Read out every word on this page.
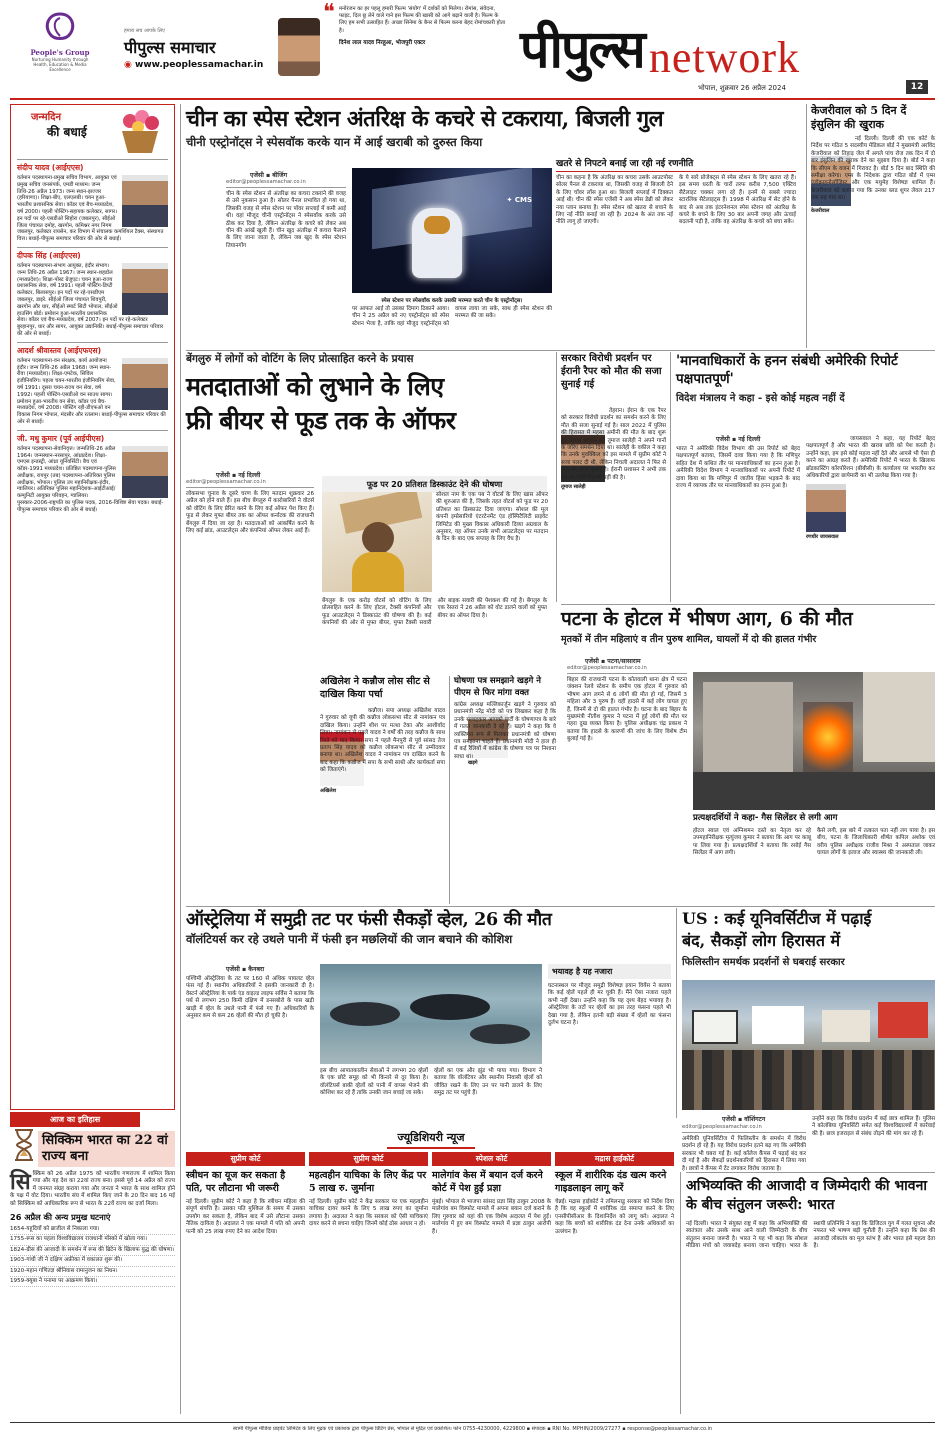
People's Group
Nurturing Humanity through Health, Education & Media Excellence
हमारा सच आपके लिए
पीपुल्स समाचार
◉ www.peoplessamachar.in
❝ मनोरंजन का हर पहलू हमारी फिल्म 'संयोग' में दर्शकों को मिलेगा। रोमांस, संवेदना, फाइट, दिल छू लेने वाले गाने इस फिल्म की खासी को आगे बढ़ाने वाली है। फिल्म के लिए हम सभी उत्साहित हैं। अच्छा सिनेमा के बैनर से फिल्म करना बेहद रोमांचकारी होता है।
दिनेश लाल यादव निरहुआ, भोजपुरी एक्टर	पीपुल्स network
भोपाल, शुक्रवार 26 अप्रैल 2024	12
जन्मदिन
की बधाई
संदीप यादव (आईएएस)
वर्तमान पदस्थापना-प्रमुख सचिव विभाग, आयुक्त एवं प्रमुख सचिव जनसंपर्क, एमडी माध्यम। जन्म तिथि-26 अप्रैल 1973। जन्म स्थान-झज्जर (हरियाणा)। शिक्षा-बीए, एलएलबी। चयन हुआ-भारतीय प्रशासनिक सेवा। कॉडर एवं बैच-मध्यप्रदेश, वर्ष 2000। पहली पोस्टिंग-सहायक कलेक्टर, सागर। इन पदों पर रहे-एसडीओ सिहोरा (जबलपुर), सीईओ जिला पंचायत दमोह, खरगोन, कमिश्नर नगर निगम जबलपुर, कलेक्टर रायसेन, कर विभाग में संचालक कमर्शियल टैक्स, संस्थागत वित्त। बधाई-पीपुल्स समाचार परिवार की ओर से बधाई।
दीपक सिंह (आईएएस)
वर्तमान पदस्थापना-संभाग आयुक्त, इंदौर संभाग। जन्म तिथि-26 अप्रैल 1967। जन्म स्थान-शहडोल (मध्यप्रदेश)। शिक्षा-पोस्ट ग्रेजुएट। चयन हुआ-राज्य प्रशासनिक सेवा, वर्ष 1991। पहली पोस्टिंग-डिप्टी कलेक्टर, बिलासपुर। इन पदों पर रहे-एसडीएम जबलपुर, डाइरे. सीईओ जिला पंचायत शिवपुरी, खरगोन और धार, सीईओ स्मार्ट सिटी भोपाल, सीईओ हाउसिंग बोर्ड। प्रमोशन हुआ-भारतीय प्रशासनिक सेवा। कॉडर एवं बैच-मध्यप्रदेश, वर्ष 2007। इन पदों पर रहे-कलेक्टर बुरहानपुर, धार और सागर, आयुक्त उद्यानिकी। बधाई-पीपुल्स समाचार परिवार की ओर से बधाई।
आदर्श श्रीवास्तव (आईएफएस)
वर्तमान पदस्थापना-वन संरक्षक, कार्य आयोजना इंदौर। जन्म तिथि-26 अप्रैल 1968। जन्म स्थान-रीवा (मध्यप्रदेश)। शिक्षा-एमटेक, सिविल इंजीनियरिंग। पहला चयन-भारतीय इंजीनियरिंग सेवा, वर्ष 1991। दूसरा चयन-राज्य वन सेवा, वर्ष 1992। पहली पोस्टिंग-एसडीओ वन साउथ सागर। प्रमोशन हुआ-भारतीय वन सेवा, कॉडर एवं बैच-मध्यप्रदेश, वर्ष 2008। पोस्टिंग रही-डीएफओ वन विकास निगम भोपाल, मंदसौर और रतलाम। बधाई-पीपुल्स समाचार परिवार की ओर से बधाई।
जी. मधु कुमार (पूर्व आईपीएस)
वर्तमान पदस्थापना-सेवानिवृत्त। जन्मतिथि-26 अप्रैल 1964। जन्मस्थान-नरसापुर, आंध्रप्रदेश। शिक्षा-एमएस इन्डस्ट्री, आंध्रा यूनिवर्सिटी। बैच एवं कॉडर-1991 मध्यप्रदेश। प्रतिष्ठित पदस्थापना-पुलिस अधीक्षक, रायपुर (तब) पदस्थापना-अतिरिक्त पुलिस अधीक्षक, भोपाल। पुलिस उप महानिरीक्षक-इंदौर, ग्वालियर। अतिरिक्त पुलिस महानिदेशक-आईटीआई/कम्युनिटी आयुक्त परिवहन, ग्वालियर। पुरस्कार-2006-राष्ट्रपति का पुलिस पदक, 2016-विशिष्ट सेवा पदक। बधाई-पीपुल्स समाचार परिवार की ओर से बधाई।
आज का इतिहास
सिक्किम भारत का 22 वां राज्य बना
सि क्किम को 26 अप्रैल 1975 को भारतीय गणराज्य में शामिल किया गया और यह देश का 22वां राज्य बना। इससे पूर्व 14 अप्रैल को राज्य में जनमत संग्रह कराया गया और जनता ने भारत के साथ शामिल होने के पक्ष में वोट दिया। भारतीय संघ में शामिल किए जाने के 20 दिन बाद 16 मई को सिक्किम को आधिकारिक रूप से भारत के 22वें राज्य का दर्जा मिला।

26 अप्रैल की अन्य प्रमुख घटनाएं
1654-यहूदियों को ब्राजील से निकाला गया।
1755-रूस का पहला विश्वविद्यालय राजधानी मॉस्को में खोला गया।
1824-ग्रीस की आजादी के समर्थन में रूस की ब्रिटेन के खिलाफ युद्ध की घोषणा।
1903-गांधी जी ने दक्षिण अफ्रीका में वकालत शुरू की।
1920-महान गणितज्ञ श्रीनिवास रामानुजन का निधन।
1959-क्यूबा ने पनामा पर आक्रमण किया।
चीन का स्पेस स्टेशन अंतरिक्ष के कचरे से टकराया, बिजली गुल
चीनी एस्ट्रोनॉट्स ने स्पेसवॉक करके यान में आई खराबी को दुरुस्त किया
एजेंसी ▪ बीजिंग
editor@peoplessamachar.co.in

चीन के स्पेस स्टेशन से अंतरिक्ष का कचरा टकराने की वजह से उसे नुकसान हुआ है। सोलर पैनल प्रभावित हो गया था, जिसकी वजह से स्पेस स्टेशन पर पॉवर सप्लाई में कमी आई थी। वहां मौजूद चीनी एस्ट्रोनॉट्स ने स्पेसवॉक करके उसे ठीक कर दिया है, लेकिन अंतरिक्ष के कचरे को लेकर अब चीन की आंखें खुली हैं। चीन खुद अंतरिक्ष में कचरा फैलाने के लिए जाना जाता है, लेकिन जब खुद के स्पेस स्टेशन तियानगोंग

✦ CMS
स्पेस स्टेशन पर स्पेसवॉक करके उसकी मरम्मत करते चीन के एस्ट्रोनॉट्स।

पर आफत आई तो उसका दिमाग ठिकाने आया। चीन ने 25 अप्रैल को नए एस्ट्रोनॉट्स को स्पेस स्टेशन भेजा है, ताकि वहां मौजूद एस्ट्रोनॉट्स को वापस लाया जा सके, साथ ही स्पेस स्टेशन की मरम्मत की जा सके।

खतरे से निपटने बनाई जा रही नई रणनीति

चीन का कहना है कि अंतरिक्ष का कचरा उसके आउटपोस्ट सोलर पैनल से टकराया था, जिसकी वजह से बिजली देने के लिए चॉवर लॉस हुआ था। बिजली सप्लाई में दिक्कत आई थी। चीन की स्पेस एजेंसी ने अब स्पेस डेब्री को लेकर नया प्लान बनाया है। स्पेस स्टेशन को खतरा से बचाने के लिए नई नीति बनाई जा रही है। 2024 के अंत तक नई नीति लागू हो जाएगी।

के ये सारे प्रोजेक्ट्स से स्पेस स्टेशन के लिए खतरा रहे हैं। इस समय धरती के चारों तरफ करीब 7,500 एक्टिव सैटेलाइट चक्कर लगा रहे हैं। इनमें से सबसे ज्यादा स्टारलिंक सैटेलाइट्स हैं। 1998 में अंतरिक्ष में सेट होने के बाद से अब तक इंटरनेशनल स्पेस स्टेशन को अंतरिक्ष के कचरे के बचने के लिए 30 बार अपनी जगह और ऊंचाई बदलनी पड़ी है, ताकि वह अंतरिक्ष के कचरे को बचा सके।

केजरीवाल को 5 दिन दें इंसुलिन की खुराक
केजरीवाल

नई दिल्ली। दिल्ली की एक कोर्ट के निर्देश पर गठित 5 सदस्यीय मेडिकल बोर्ड ने मुख्यमंत्री अरविंद केजरीवाल को तिहाड़ जेल में अगले पांच रोज तक दिन में दो बार इंसुलिन की खुराक देने का सुझाव दिया है। बोर्ड ने कहा कि सीएम के वजन में गिरावट है। बोर्ड 5 दिन बाद स्थिति की समीक्षा करेगा। एम्स के निदेशक द्वारा गठित बोर्ड में एम्स एंडोक्राइनोलॉजिस्ट और एक मधुमेह विशेषज्ञ शामिल हैं। केजरीवाल को बताया गया कि उनका ब्लड शुगर लेवल 217 तक बढ़ गया था।

बेंगलुरु में लोगों को वोटिंग के लिए प्रोत्साहित करने के प्रयास
मतदाताओं को लुभाने के लिए
फ्री बीयर से फूड तक के ऑफर
एजेंसी ▪ नई दिल्ली
editor@peoplessamachar.co.in

लोकसभा चुनाव के दूसरे चरण के लिए मतदान शुक्रवार 26 अप्रैल को होने वाले हैं। इस बीच बेंगलुरु में कारोबारियों ने वोटर्स को वोटिंग के लिए प्रेरित करने के लिए कई ऑफर पेश किए हैं। फूड से लेकर मुफ्त बीयर तक का ऑफर कर्नाटक की राजधानी बेंगलुरु में दिया जा रहा है। मतदाताओं को आकर्षित करने के लिए कई ब्रांड, आउटलेट्स और कंपनियां ऑफर लेकर आई हैं।

फूड पर 20 प्रतिशत डिस्काउंट देने की घोषणा

सोशल नाम के एक पब ने वोटर्स के लिए खास ऑफर की शुरुआत की है, जिसके तहत वोटर्स को फूड पर 20 प्रतिशत का डिस्काउंट दिया जाएगा। सोशल की मूल कंपनी इम्प्रेसारियो एंटरटेनमेंट एंड हॉस्पिटैलिटी प्राइवेट लिमिटेड की मुख्य विकास अधिकारी दिव्या अग्रवाल के अनुसार, यह ऑफर उनके सभी आउटलेट्स पर मतदान के दिन के बाद एक सप्ताह के लिए वैध है।

बेंगलुरु के एक करोड़ वोटर्स को वोटिंग के लिए प्रोत्साहित करने के लिए होटल, टैक्सी कंपनियों और फूड आउटलेट्स ने डिस्काउंट की घोषणा की है। कई कंपनियों की ओर से मुफ्त बीयर, मुफ्त टैक्सी सवारी और बाइक सवारी की पेशकश की गई है। बेंगलुरु के एक रेस्तरां ने 26 अप्रैल को वोट डालने वालों को मुफ्त बीयर का ऑफर दिया है।

अखिलेश ने कन्नौज लोस सीट से दाखिल किया पर्चा
अखिलेश

कन्नौज। सपा अध्यक्ष अखिलेश यादव ने गुरुवार को यूपी की कन्नौज लोकसभा सीट से नामांकन पत्र दाखिल किया। उन्होंने शीश पर मत्था टेका और आशीर्वाद लिया। नामांकन से पहले यादव ने वर्षों की तरह कन्नौज के साथ रिश्ते को याद किया। सपा ने पहले मैनपुरी से पूर्व सांसद तेज प्रताप सिंह यादव को कन्नौज लोकसभा सीट से उम्मीदवार बनाया था। अखिलेश यादव ने नामांकन पत्र दाखिल करने के बाद कहा कि कन्नौज में सपा के सभी साथी और कार्यकर्ता सपा को जिताएंगे।

घोषणा पत्र समझाने खड़गे ने पीएम से फिर मांगा वक्त
खड़गे

कांग्रेस अध्यक्ष मल्लिकार्जुन खड़गे ने गुरुवार को प्रधानमंत्री नरेंद्र मोदी को पत्र लिखकर कहा है कि उनके सलाहकार आपको पार्टी के घोषणापत्र के बारे में गलत जानकारी दे रहे हैं। खड़गे ने कहा कि वे व्यक्तिगत रूप से मिलकर प्रधानमंत्री को घोषणा पत्र समझाना चाहते हैं। प्रधानमंत्री मोदी ने हाल ही में कई रैलियों में कांग्रेस के घोषणा पत्र पर निशाना साधा था।

सरकार विरोधी प्रदर्शन पर ईरानी रैपर को मौत की सजा सुनाई गई
तूमाज सालेही

तेहरान। ईरान के एक रैपर को सरकार विरोधी प्रदर्शन का समर्थन करने के लिए मौत की सजा सुनाई गई है। साल 2022 में पुलिस की हिरासत में महसा अमीनी की मौत के बाद शुरू हुए विरोध प्रदर्शन को तूमाज सालेही ने अपने गानों के जरिए समर्थन दिया था। सालेही के वकील ने कहा कि उनके मुवक्किल को इस मामले में सुप्रीम कोर्ट ने सजा पलट दी थी, लेकिन निचली अदालत ने फिर से मौत की सजा सुनाई है। ईरानी प्रशासन ने अभी तक इस पर कोई टिप्पणी नहीं की है।

'मानवाधिकारों के हनन संबंधी अमेरिकी रिपोर्ट पक्षपातपूर्ण'
विदेश मंत्रालय ने कहा - इसे कोई महत्व नहीं दें
एजेंसी ▪ नई दिल्ली

भारत ने अमेरिकी विदेश विभाग की उस रिपोर्ट को बेहद पक्षपातपूर्ण बताया, जिसमें दावा किया गया है कि मणिपुर सहित देश में कथित तौर पर मानवाधिकारों का हनन हुआ है। अमेरिकी विदेश विभाग ने मानवाधिकारों पर अपनी रिपोर्ट में दावा किया था कि मणिपुर में जातीय हिंसा भड़कने के बाद राज्य में व्यापक तौर पर मानवाधिकारों का हनन हुआ है।

रणधीर जायसवाल

जायसवाल ने कहा, यह रिपोर्ट बेहद पक्षपातपूर्ण है और भारत की खराब छवि को पेश करती है। उन्होंने कहा, हम इसे कोई महत्व नहीं देते और आपसे भी ऐसा ही करने का आग्रह करते हैं। अमेरिकी रिपोर्ट में भारत के खिलाफ ब्रॉडकास्टिंग कॉरपोरेशन (बीबीसी) के कार्यालय पर भारतीय कर अधिकारियों द्वारा छापेमारी का भी उल्लेख किया गया है।

पटना के होटल में भीषण आग, 6 की मौत
मृतकों में तीन महिलाएं व तीन पुरुष शामिल, घायलों में दो की हालत गंभीर
एजेंसी ▪ पटना/सासाराम
editor@peoplessamachar.co.in

बिहार की राजधानी पटना के कोतवाली थाना क्षेत्र में पटना जंक्शन रेलवे स्टेशन के समीप एक होटल में गुरुवार को भीषण आग लगने से 6 लोगों की मौत हो गई, जिसमें 3 महिला और 3 पुरुष हैं। वहीं हादसे में कई लोग घायल हुए हैं, जिनमें से दो की हालत गंभीर है। घटना के बाद बिहार के मुख्यमंत्री नीतीश कुमार ने पटना में हुई लोगों की मौत पर गहरा दुख व्यक्त किया है। पुलिस अधीक्षक चंद्र प्रकाश ने बताया कि हादसे के कारणों की जांच के लिए विशेष टीम बुलाई गई है।

प्रत्यक्षदर्शियों ने कहा- गैस सिलेंडर से लगी आग

होटल स्वाल एवं अग्निशमन दस्ते का नेतृत्व कर रहे उपमहानिरीक्षक मृत्युंजय कुमार ने बताया कि आग पर काबू पा लिया गया है। प्रत्यक्षदर्शियों ने बताया कि रसोई गैस सिलेंडर में आग लगी।

कैसे लगी, इस बारे में तत्काल पता नहीं लग पाया है। इस बीच, पटना के जिलाधिकारी शीर्षत कपिल अशोक एवं वरीय पुलिस अधीक्षक राजीव मिश्रा ने अस्पताल जाकर घायल लोगों के इलाज और स्वास्थ्य की जानकारी ली।

ऑस्ट्रेलिया में समुद्री तट पर फंसी सैकड़ों व्हेल, 26 की मौत
वॉलंटियर्स कर रहे उथले पानी में फंसी इन मछलियों की जान बचाने की कोशिश
एजेंसी ▪ कैनबरा

पश्चिमी ऑस्ट्रेलिया के तट पर 160 से अधिक पायलट व्हेल फंस गई हैं। स्थानीय अधिकारियों ने इसकी जानकारी दी है। वेस्टर्न ऑस्ट्रेलिया के पार्क एंड वाइल्ड लाइफ सर्विस ने बताया कि पर्थ से लगभग 250 किमी दक्षिण में डनसबोरो के पास खड़ी खाड़ी में व्हेल के उथले पानी में फंसे गए हैं। अधिकारियों के अनुसार कम से कम 26 व्हेलों की मौत हो चुकी है।

इस बीच आपातकालीन सेवाओं ने लगभग 20 व्हेलों के एक छोटे समूह को भी किनारे से दूर किया है। वॉलंटियर्स बाकी व्हेलों को पानी में वापस भेजने की कोशिश कर रहे हैं ताकि उनकी जान बचाई जा सके।

व्हेलों का एक और झुंड भी पाया गया। विभाग ने बताया कि वॉलंटियर और स्थानीय निवासी व्हेलों को जीवित रखने के लिए उन पर पानी डालने के लिए समुद्र तट पर पहुंचे हैं।

भयावह है यह नजारा

घटनास्थल पर मौजूद समुद्री विशेषज्ञ इयान वियेंस ने बताया कि कई व्हेलें पहले ही मर चुकी हैं। मैंने ऐसा नजारा पहले कभी नहीं देखा। उन्होंने कहा कि यह दृश्य बेहद भयावह है। ऑस्ट्रेलिया के तटों पर व्हेलों का इस तरह फंसना पहले भी देखा गया है, लेकिन इतनी बड़ी संख्या में व्हेलों का फंसना दुर्लभ घटना है।

US : कई यूनिवर्सिटीज में पढ़ाई
बंद, सैकड़ों लोग हिरासत में
फिलिस्तीन समर्थक प्रदर्शनों से घबराई सरकार
एजेंसी ▪ वॉशिंगटन
editor@peoplessamachar.co.in

अमेरिकी यूनिवर्सिटीज में फिलिस्तीन के समर्थन में विरोध प्रदर्शन हो रहे हैं। यह विरोध प्रदर्शन इतने बढ़ गए कि अमेरिकी सरकार भी घबरा गई है। कई कॉलेज कैंपस में पढ़ाई बंद कर दी गई है और सैकड़ों प्रदर्शनकारियों को हिरासत में लिया गया है। छात्रों ने कैंपस में टेंट लगाकर विरोध जताया है।

उन्होंने कहा कि विरोध प्रदर्शन में कई छात्र शामिल हैं। पुलिस ने कोलंबिया यूनिवर्सिटी समेत कई विश्वविद्यालयों में कार्रवाई की है। छात्र इजराइल से संबंध तोड़ने की मांग कर रहे हैं।

ज्यूडिशियरी न्यूज
सुप्रीम कोर्ट
स्त्रीधन का यूज कर सकता है पति, पर लौटाना भी जरूरी

नई दिल्ली। सुप्रीम कोर्ट ने कहा है कि स्त्रीधन महिला की संपूर्ण संपत्ति है। उसका पति मुश्किल के समय में उसका उपयोग कर सकता है, लेकिन बाद में उसे लौटाना उसका नैतिक दायित्व है। अदालत ने एक मामले में पति को अपनी पत्नी को 25 लाख रुपए देने का आदेश दिया।

सुप्रीम कोर्ट
महत्वहीन याचिका के लिए केंद्र पर 5 लाख रु. जुर्माना

नई दिल्ली। सुप्रीम कोर्ट ने केंद्र सरकार पर एक महत्वहीन याचिका दायर करने के लिए 5 लाख रुपए का जुर्माना लगाया है। अदालत ने कहा कि सरकार को ऐसी याचिकाएं दायर करने से बचना चाहिए जिनमें कोई ठोस आधार न हो।

स्पेशल कोर्ट
मालेगांव केस में बयान दर्ज करने कोर्ट में पेश हुईं प्रज्ञा

मुंबई। भोपाल से भाजपा सांसद प्रज्ञा सिंह ठाकुर 2008 के मालेगांव बम विस्फोट मामले में अपना बयान दर्ज कराने के लिए गुरुवार को यहां की एक विशेष अदालत में पेश हुईं। मालेगांव में हुए बम विस्फोट मामले में प्रज्ञा ठाकुर आरोपी हैं।

मद्रास हाईकोर्ट
स्कूल में शारीरिक दंड खत्म करने गाइडलाइन लागू करें

चेन्नई। मद्रास हाईकोर्ट ने तमिलनाडु सरकार को निर्देश दिया है कि वह स्कूलों में शारीरिक दंड समाप्त करने के लिए एनसीपीसीआर के दिशानिर्देश को लागू करे। अदालत ने कहा कि बच्चों को शारीरिक दंड देना उनके अधिकारों का उल्लंघन है।

अभिव्यक्ति की आजादी व जिम्मेदारी की भावना के बीच संतुलन जरूरी: भारत

नई दिल्ली। भारत ने संयुक्त राष्ट्र में कहा कि अभिव्यक्ति की स्वतंत्रता और उसके साथ आने वाली जिम्मेदारी के बीच संतुलन बनाना जरूरी है। भारत ने यह भी कहा कि सोशल मीडिया मंचों को जवाबदेह बनाया जाना चाहिए। भारत के स्थायी प्रतिनिधि ने कहा कि डिजिटल युग में गलत सूचना और नफरत भरे भाषण बड़ी चुनौती हैं। उन्होंने कहा कि प्रेस की आजादी लोकतंत्र का मूल स्तंभ है और भारत इसे महत्व देता है।

स्वामी पीपुल्स मीडिया प्राइवेट लिमिटेड के लिए मुद्रक एवं प्रकाशक द्वारा पीपुल्स प्रिंटिंग प्रेस, भोपाल से मुद्रित एवं प्रकाशित। फोन 0755-4230000, 4229800 ▪ संपादक ▪ RNI No. MPHIN/2009/27277 ▪ response@peoplessamachar.co.in
